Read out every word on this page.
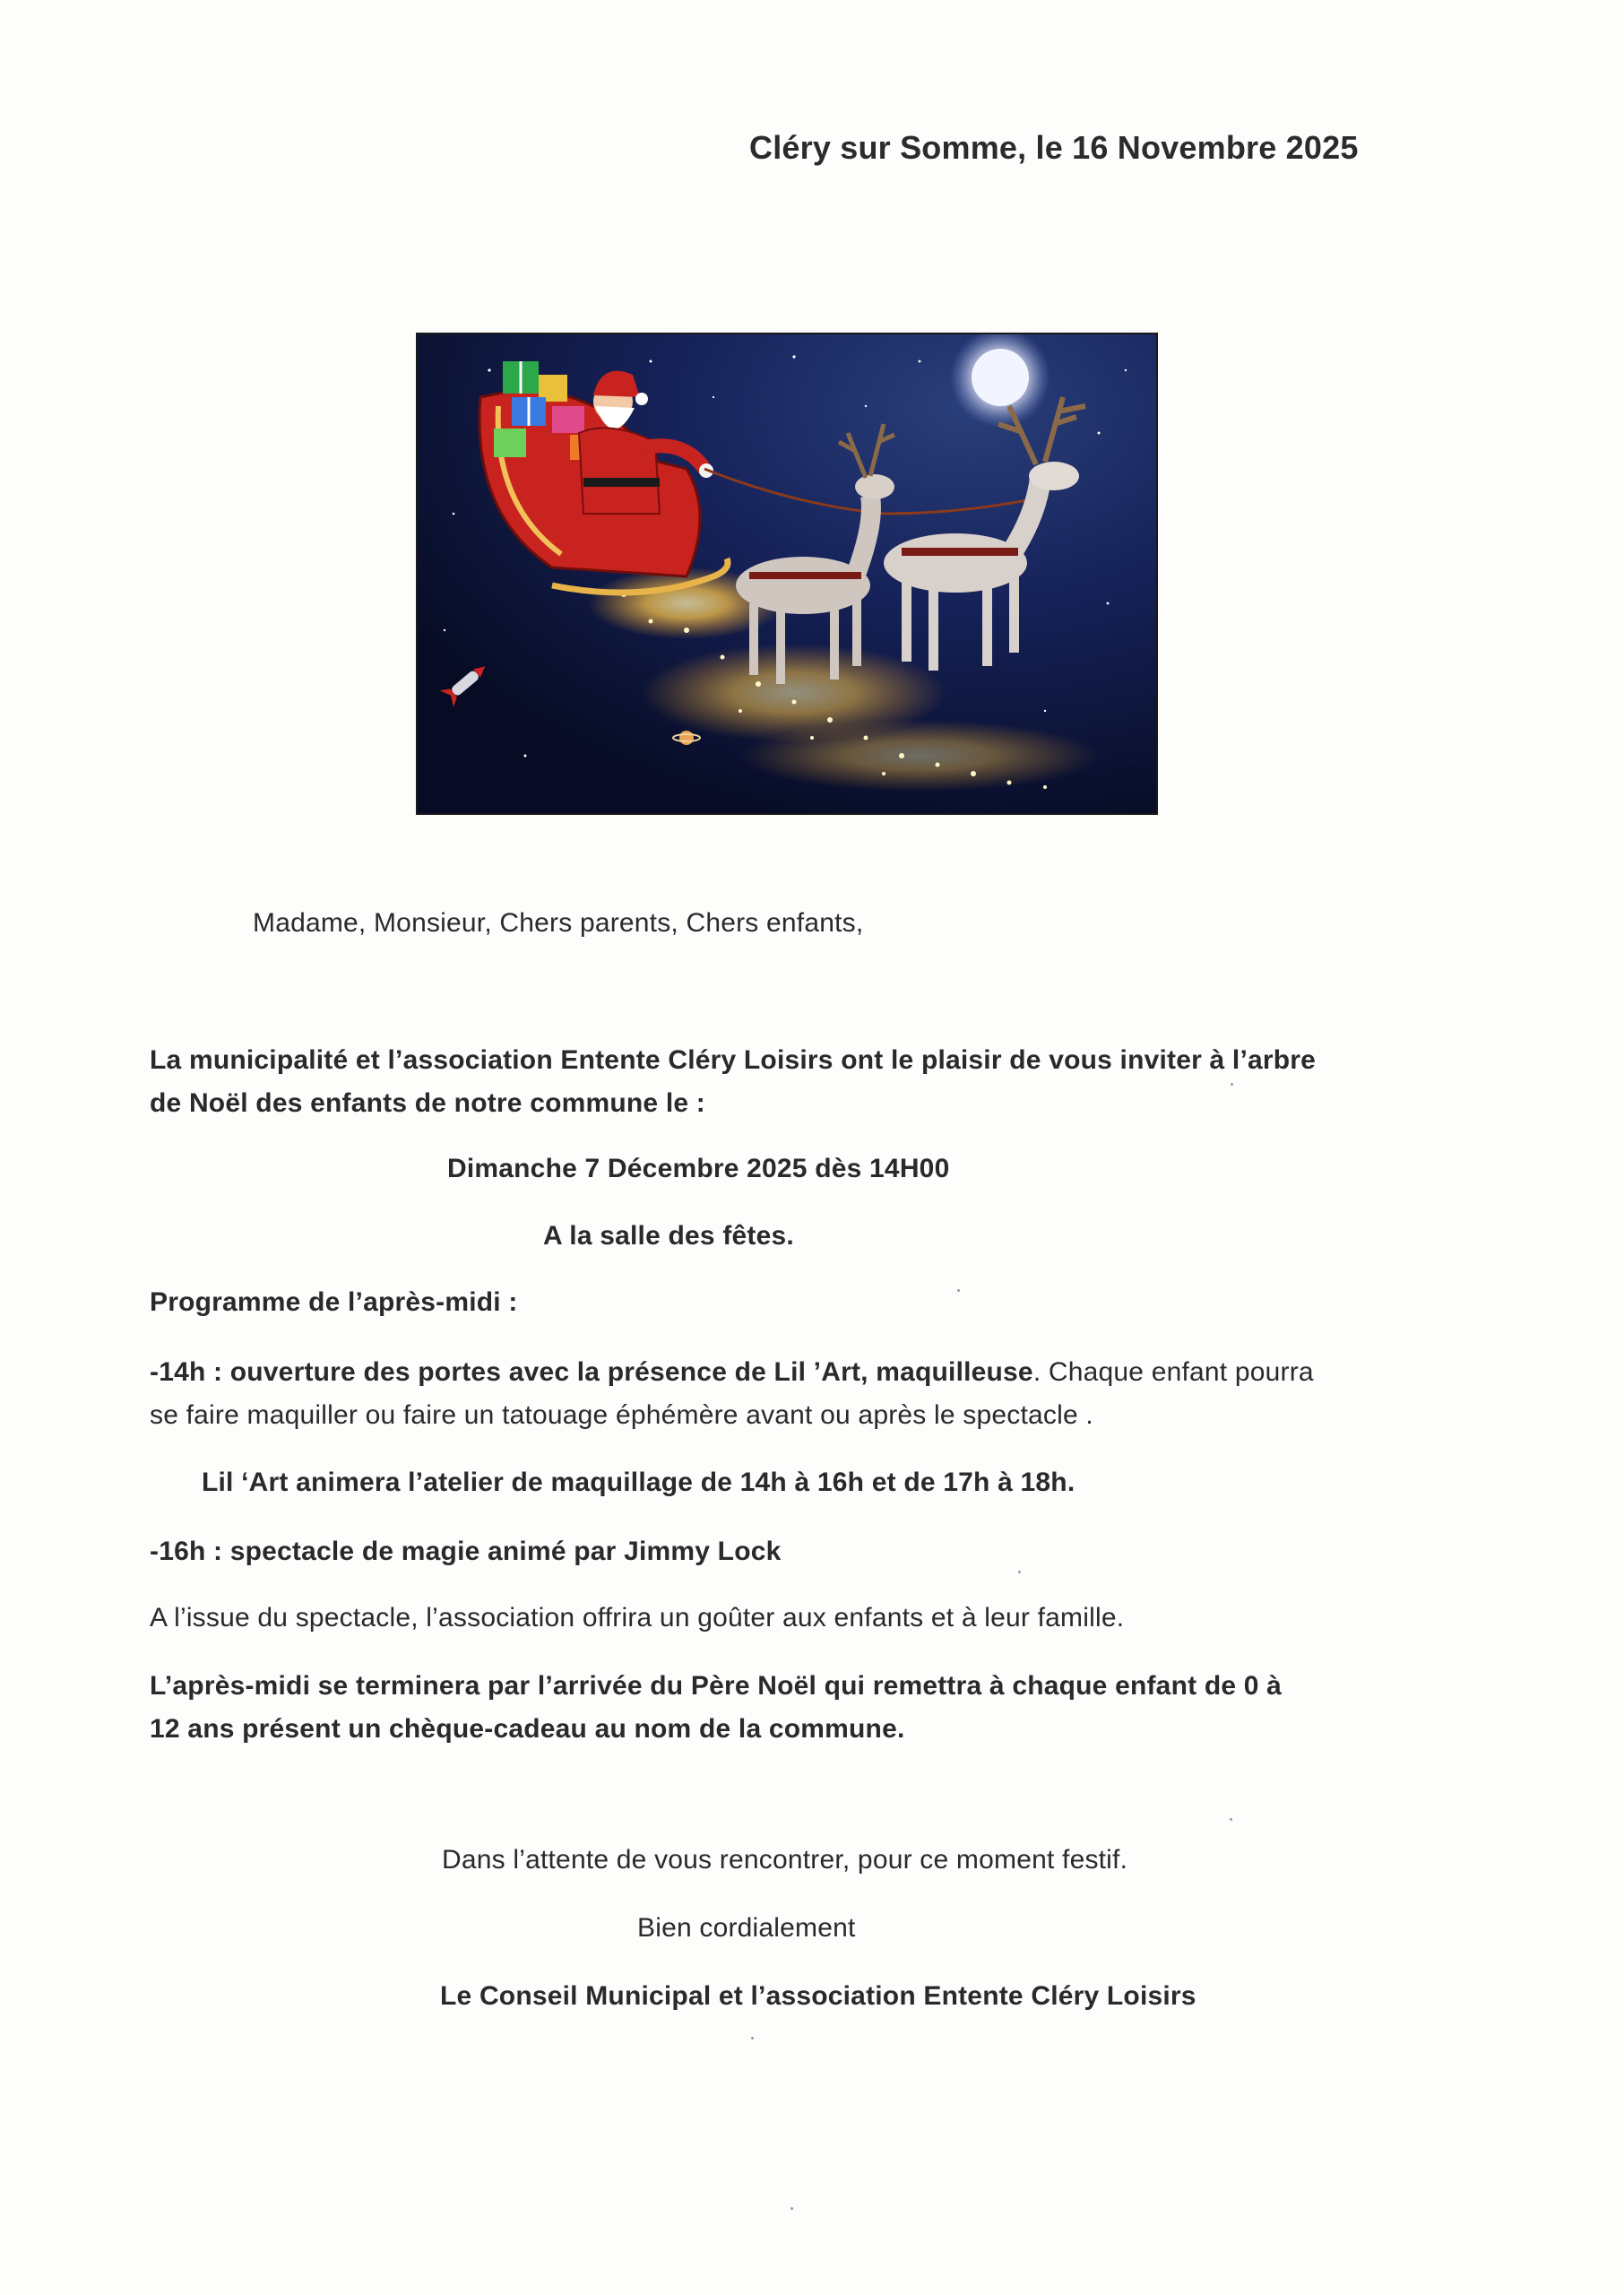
Cléry sur Somme, le 16 Novembre 2025
Madame, Monsieur, Chers parents, Chers enfants,
La municipalité et l’association Entente Cléry Loisirs ont le plaisir de vous inviter à l’arbre
de Noël des enfants de notre commune le :
Dimanche 7 Décembre 2025 dès 14H00
A la salle des fêtes.
Programme de l’après-midi :
-14h : ouverture des portes avec la présence de Lil ’Art, maquilleuse. Chaque enfant pourra
se faire maquiller ou faire un tatouage éphémère avant ou après le spectacle .
Lil ‘Art animera l’atelier de maquillage de 14h à 16h et de 17h à 18h.
-16h : spectacle de magie animé par Jimmy Lock
A l’issue du spectacle, l’association offrira un goûter aux enfants et à leur famille.
L’après-midi se terminera par l’arrivée du Père Noël qui remettra à chaque enfant de 0 à
12 ans présent un chèque-cadeau au nom de la commune.
Dans l’attente de vous rencontrer, pour ce moment festif.
Bien cordialement
Le Conseil Municipal et l’association Entente Cléry Loisirs
